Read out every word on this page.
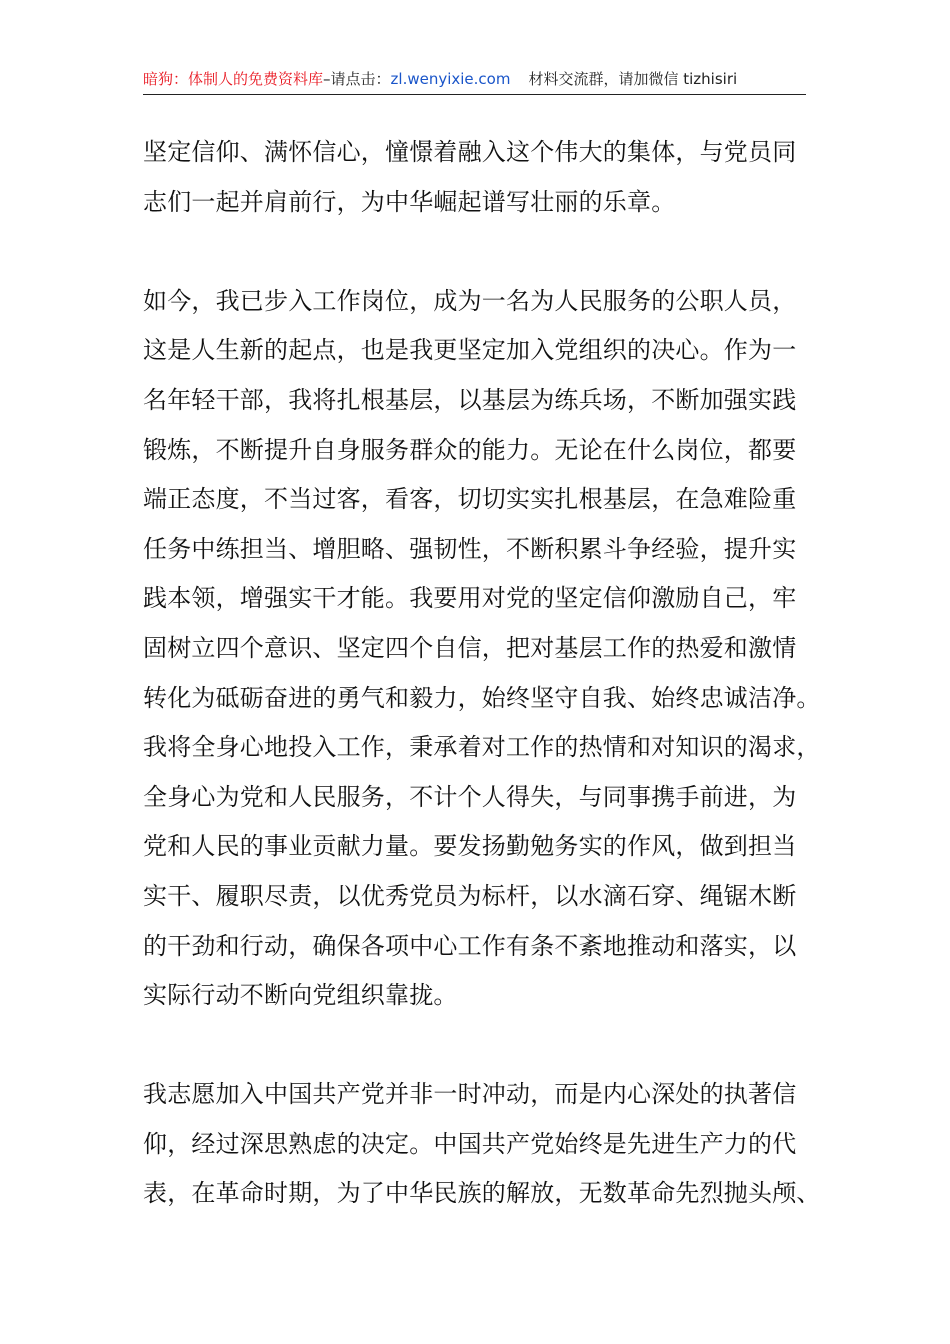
暗狗：体制人的免费资料库–请点击：zl.wenyixie.com 材料交流群，请加微信 tizhisiri

坚定信仰、满怀信心，憧憬着融入这个伟大的集体，与党员同
志们一起并肩前行，为中华崛起谱写壮丽的乐章。

如今，我已步入工作岗位，成为一名为人民服务的公职人员，
这是人生新的起点，也是我更坚定加入党组织的决心。作为一
名年轻干部，我将扎根基层，以基层为练兵场，不断加强实践
锻炼，不断提升自身服务群众的能力。无论在什么岗位，都要
端正态度，不当过客，看客，切切实实扎根基层，在急难险重
任务中练担当、增胆略、强韧性，不断积累斗争经验，提升实
践本领，增强实干才能。我要用对党的坚定信仰激励自己，牢
固树立四个意识、坚定四个自信，把对基层工作的热爱和激情
转化为砥砺奋进的勇气和毅力，始终坚守自我、始终忠诚洁净。
我将全身心地投入工作，秉承着对工作的热情和对知识的渴求，
全身心为党和人民服务，不计个人得失，与同事携手前进，为
党和人民的事业贡献力量。要发扬勤勉务实的作风，做到担当
实干、履职尽责，以优秀党员为标杆，以水滴石穿、绳锯木断
的干劲和行动，确保各项中心工作有条不紊地推动和落实，以
实际行动不断向党组织靠拢。

我志愿加入中国共产党并非一时冲动，而是内心深处的执著信
仰，经过深思熟虑的决定。中国共产党始终是先进生产力的代
表，在革命时期，为了中华民族的解放，无数革命先烈抛头颅、
